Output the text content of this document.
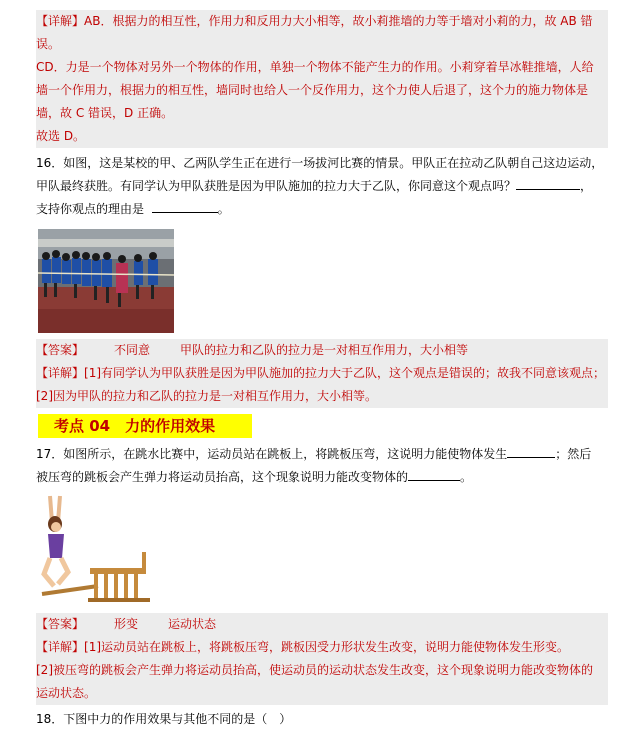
【详解】AB．根据力的相互性，作用力和反用力大小相等，故小莉推墙的力等于墙对小莉的力，故 AB 错
误。
CD．力是一个物体对另外一个物体的作用，单独一个物体不能产生力的作用。小莉穿着旱冰鞋推墙，人给
墙一个作用力，根据力的相互性，墙同时也给人一个反作用力，这个力使人后退了，这个力的施力物体是
墙，故 C 错误，D 正确。
故选 D。
16．如图，这是某校的甲、乙两队学生正在进行一场拔河比赛的情景。甲队正在拉动乙队朝自己这边运动，
甲队最终获胜。有同学认为甲队获胜是因为甲队施加的拉力大于乙队，你同意这个观点吗？	，
支持你观点的理由是	。
【答案】	不同意	甲队的拉力和乙队的拉力是一对相互作用力，大小相等
【详解】[1]有同学认为甲队获胜是因为甲队施加的拉力大于乙队，这个观点是错误的；故我不同意该观点；
[2]因为甲队的拉力和乙队的拉力是一对相互作用力，大小相等。
考点 04　力的作用效果
17．如图所示，在跳水比赛中，运动员站在跳板上，将跳板压弯，这说明力能使物体发生	；然后
被压弯的跳板会产生弹力将运动员抬高，这个现象说明力能改变物体的	。
【答案】	形变	运动状态
【详解】[1]运动员站在跳板上，将跳板压弯，跳板因受力形状发生改变，说明力能使物体发生形变。
[2]被压弯的跳板会产生弹力将运动员抬高，使运动员的运动状态发生改变，这个现象说明力能改变物体的
运动状态。
18．下图中力的作用效果与其他不同的是（　）
